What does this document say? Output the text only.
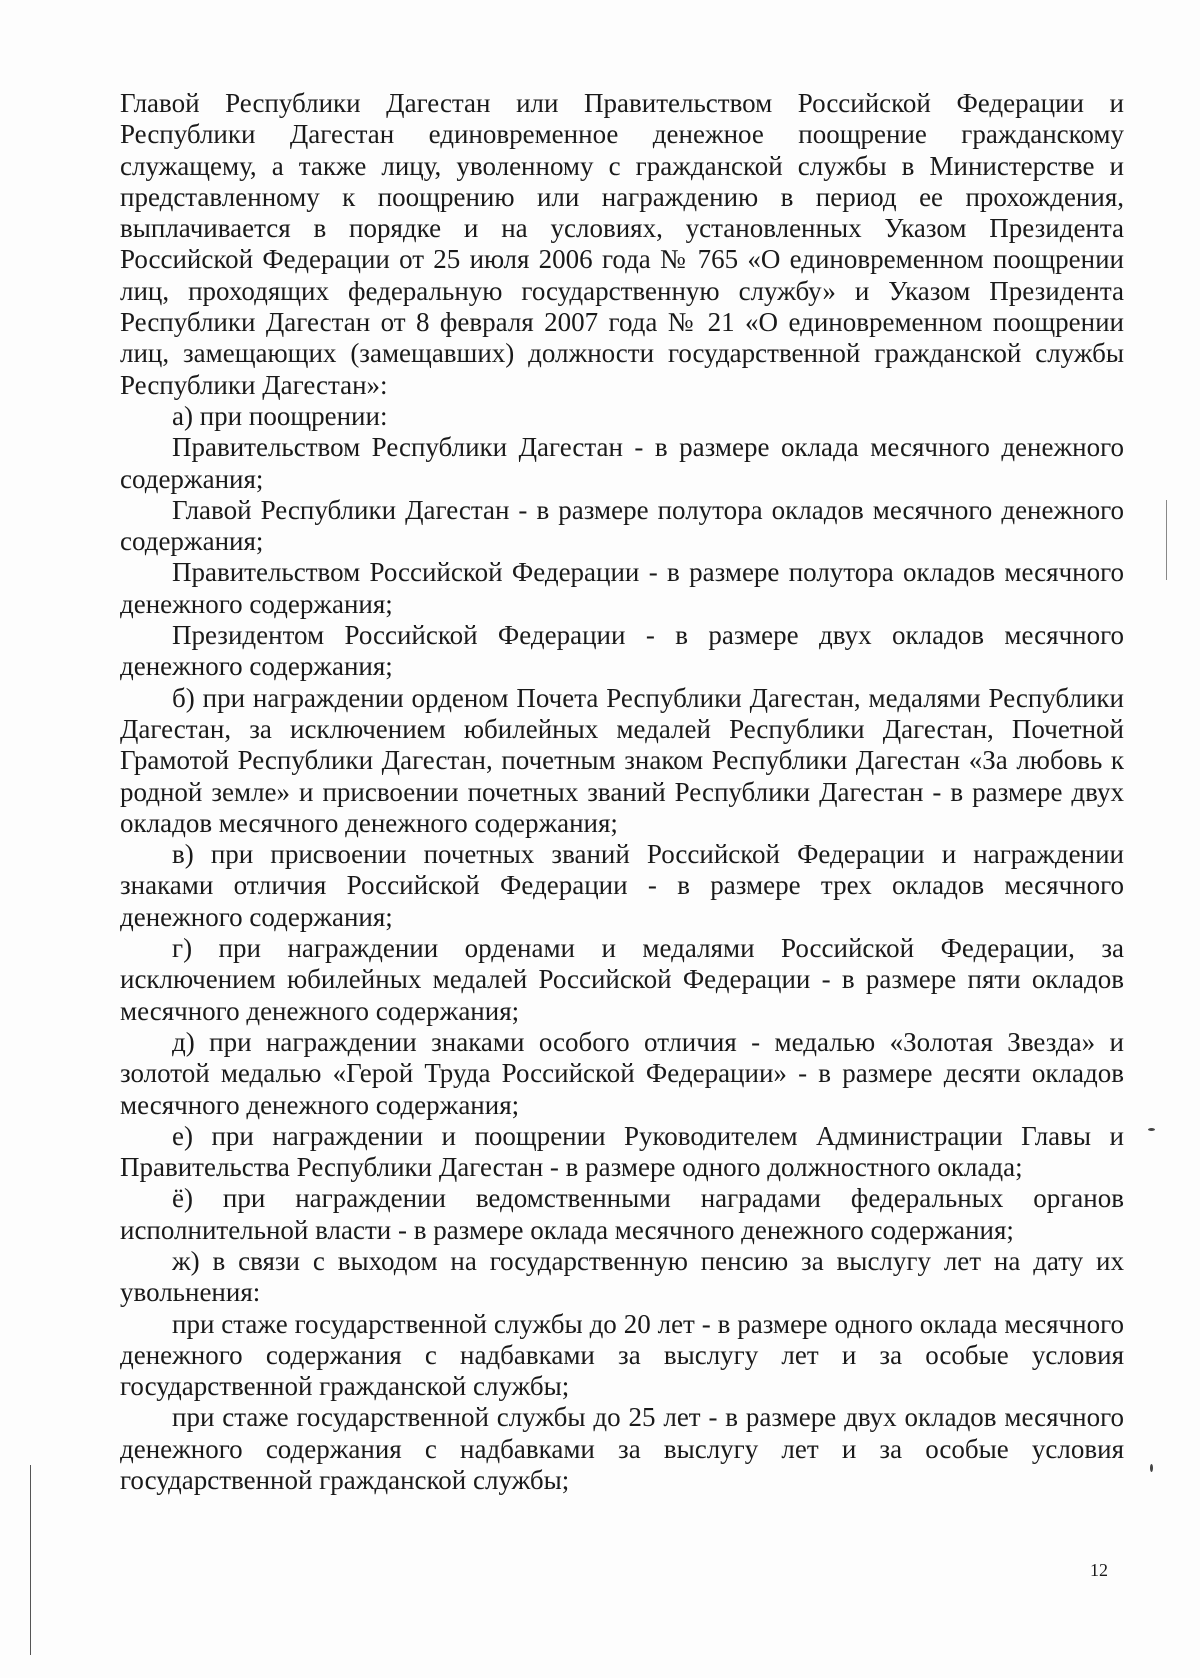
Главой Республики Дагестан или Правительством Российской Федерации и Республики Дагестан единовременное денежное поощрение гражданскому служащему, а также лицу, уволенному с гражданской службы в Министерстве и представленному к поощрению или награждению в период ее прохождения, выплачивается в порядке и на условиях, установленных Указом Президента Российской Федерации от 25 июля 2006 года № 765 «О единовременном поощрении лиц, проходящих федеральную государственную службу» и Указом Президента Республики Дагестан от 8 февраля 2007 года № 21 «О единовременном поощрении лиц, замещающих (замещавших) должности государственной гражданской службы Республики Дагестан»:

а) при поощрении:

Правительством Республики Дагестан - в размере оклада месячного денежного содержания;

Главой Республики Дагестан - в размере полутора окладов месячного денежного содержания;

Правительством Российской Федерации - в размере полутора окладов месячного денежного содержания;

Президентом Российской Федерации - в размере двух окладов месячного денежного содержания;

б) при награждении орденом Почета Республики Дагестан, медалями Республики Дагестан, за исключением юбилейных медалей Республики Дагестан, Почетной Грамотой Республики Дагестан, почетным знаком Республики Дагестан «За любовь к родной земле» и присвоении почетных званий Республики Дагестан - в размере двух окладов месячного денежного содержания;

в) при присвоении почетных званий Российской Федерации и награждении знаками отличия Российской Федерации - в размере трех окладов месячного денежного содержания;

г) при награждении орденами и медалями Российской Федерации, за исключением юбилейных медалей Российской Федерации - в размере пяти окладов месячного денежного содержания;

д) при награждении знаками особого отличия - медалью «Золотая Звезда» и золотой медалью «Герой Труда Российской Федерации» - в размере десяти окладов месячного денежного содержания;

е) при награждении и поощрении Руководителем Администрации Главы и Правительства Республики Дагестан - в размере одного должностного оклада;

ё) при награждении ведомственными наградами федеральных органов исполнительной власти - в размере оклада месячного денежного содержания;

ж) в связи с выходом на государственную пенсию за выслугу лет на дату их увольнения:

при стаже государственной службы до 20 лет - в размере одного оклада месячного денежного содержания с надбавками за выслугу лет и за особые условия государственной гражданской службы;

при стаже государственной службы до 25 лет - в размере двух окладов месячного денежного содержания с надбавками за выслугу лет и за особые условия государственной гражданской службы;

12
